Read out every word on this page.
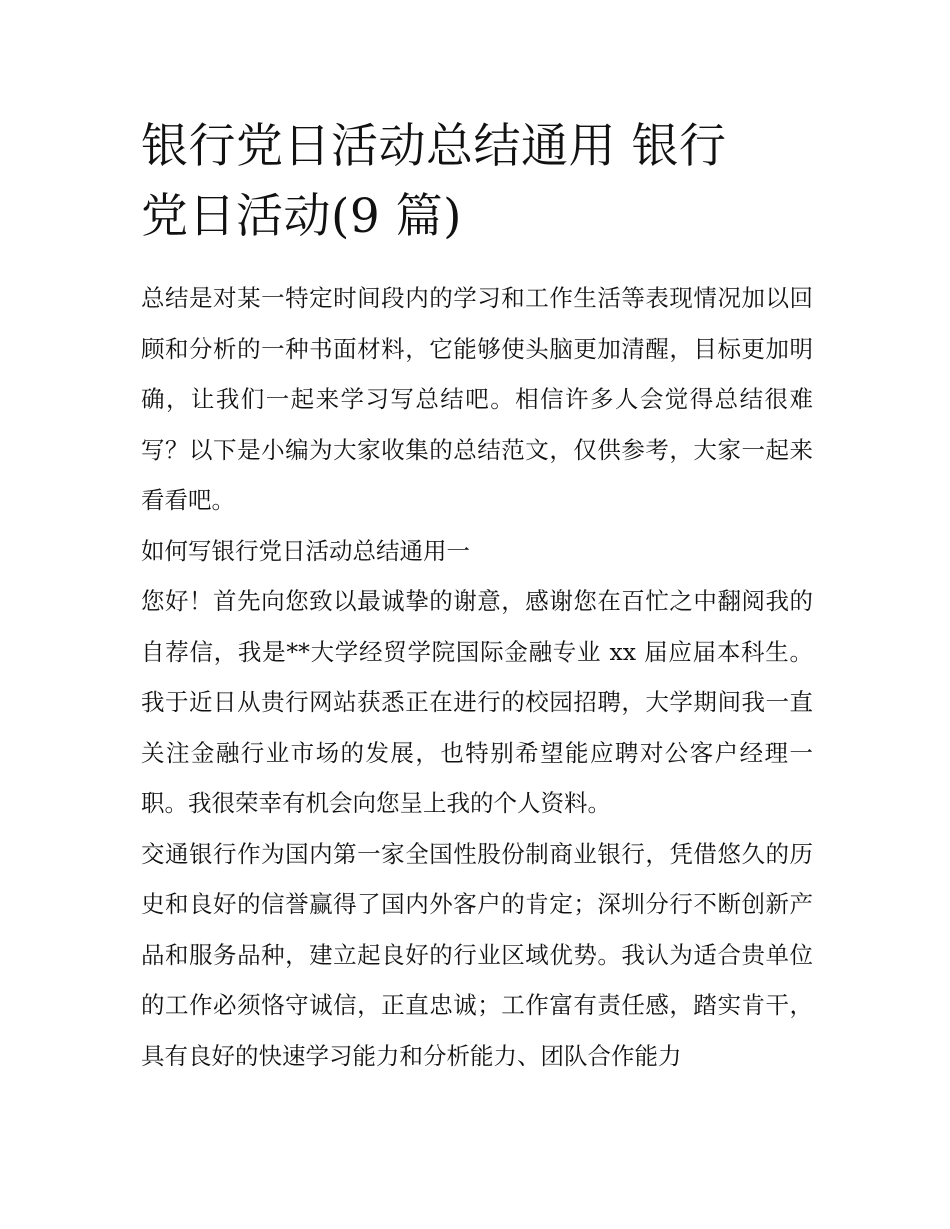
银行党日活动总结通用 银行
党日活动(9 篇)

总结是对某一特定时间段内的学习和工作生活等表现情况加以回顾和分析的一种书面材料，它能够使头脑更加清醒，目标更加明确，让我们一起来学习写总结吧。相信许多人会觉得总结很难写？以下是小编为大家收集的总结范文，仅供参考，大家一起来看看吧。

如何写银行党日活动总结通用一

您好！首先向您致以最诚挚的谢意，感谢您在百忙之中翻阅我的自荐信，我是**大学经贸学院国际金融专业 xx 届应届本科生。我于近日从贵行网站获悉正在进行的校园招聘，大学期间我一直关注金融行业市场的发展，也特别希望能应聘对公客户经理一职。我很荣幸有机会向您呈上我的个人资料。

交通银行作为国内第一家全国性股份制商业银行，凭借悠久的历史和良好的信誉赢得了国内外客户的肯定；深圳分行不断创新产品和服务品种，建立起良好的行业区域优势。我认为适合贵单位的工作必须恪守诚信，正直忠诚；工作富有责任感，踏实肯干，具有良好的快速学习能力和分析能力、团队合作能力
